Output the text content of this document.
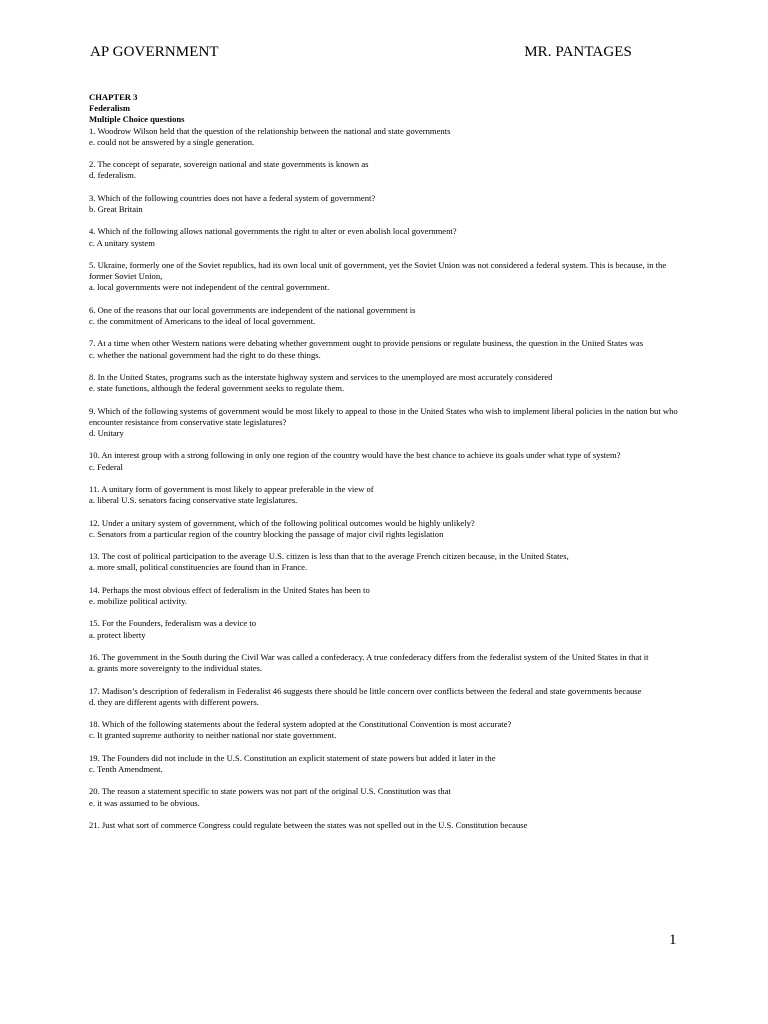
AP GOVERNMENT	MR. PANTAGES
CHAPTER 3
Federalism
Multiple Choice questions
1. Woodrow Wilson held that the question of the relationship between the national and state governments
e. could not be answered by a single generation.
2. The concept of separate, sovereign national and state governments is known as
d. federalism.
3. Which of the following countries does not have a federal system of government?
b. Great Britain
4. Which of the following allows national governments the right to alter or even abolish local government?
c. A unitary system
5. Ukraine, formerly one of the Soviet republics, had its own local unit of government, yet the Soviet Union was not considered a federal system. This is because, in the former Soviet Union,
a. local governments were not independent of the central government.
6. One of the reasons that our local governments are independent of the national government is
c. the commitment of Americans to the ideal of local government.
7. At a time when other Western nations were debating whether government ought to provide pensions or regulate business, the question in the United States was
c. whether the national government had the right to do these things.
8. In the United States, programs such as the interstate highway system and services to the unemployed are most accurately considered
e. state functions, although the federal government seeks to regulate them.
9. Which of the following systems of government would be most likely to appeal to those in the United States who wish to implement liberal policies in the nation but who encounter resistance from conservative state legislatures?
d. Unitary
10. An interest group with a strong following in only one region of the country would have the best chance to achieve its goals under what type of system?
c. Federal
11. A unitary form of government is most likely to appear preferable in the view of
a. liberal U.S. senators facing conservative state legislatures.
12. Under a unitary system of government, which of the following political outcomes would be highly unlikely?
c. Senators from a particular region of the country blocking the passage of major civil rights legislation
13. The cost of political participation to the average U.S. citizen is less than that to the average French citizen because, in the United States,
a. more small, political constituencies are found than in France.
14. Perhaps the most obvious effect of federalism in the United States has been to
e. mobilize political activity.
15. For the Founders, federalism was a device to
a. protect liberty
16. The government in the South during the Civil War was called a confederacy. A true confederacy differs from the federalist system of the United States in that it
a. grants more sovereignty to the individual states.
17. Madison’s description of federalism in Federalist 46 suggests there should be little concern over conflicts between the federal and state governments because
d. they are different agents with different powers.
18. Which of the following statements about the federal system adopted at the Constitutional Convention is most accurate?
c. It granted supreme authority to neither national nor state government.
19. The Founders did not include in the U.S. Constitution an explicit statement of state powers but added it later in the
c. Tenth Amendment.
20. The reason a statement specific to state powers was not part of the original U.S. Constitution was that
e. it was assumed to be obvious.
21. Just what sort of commerce Congress could regulate between the states was not spelled out in the U.S. Constitution because
1
